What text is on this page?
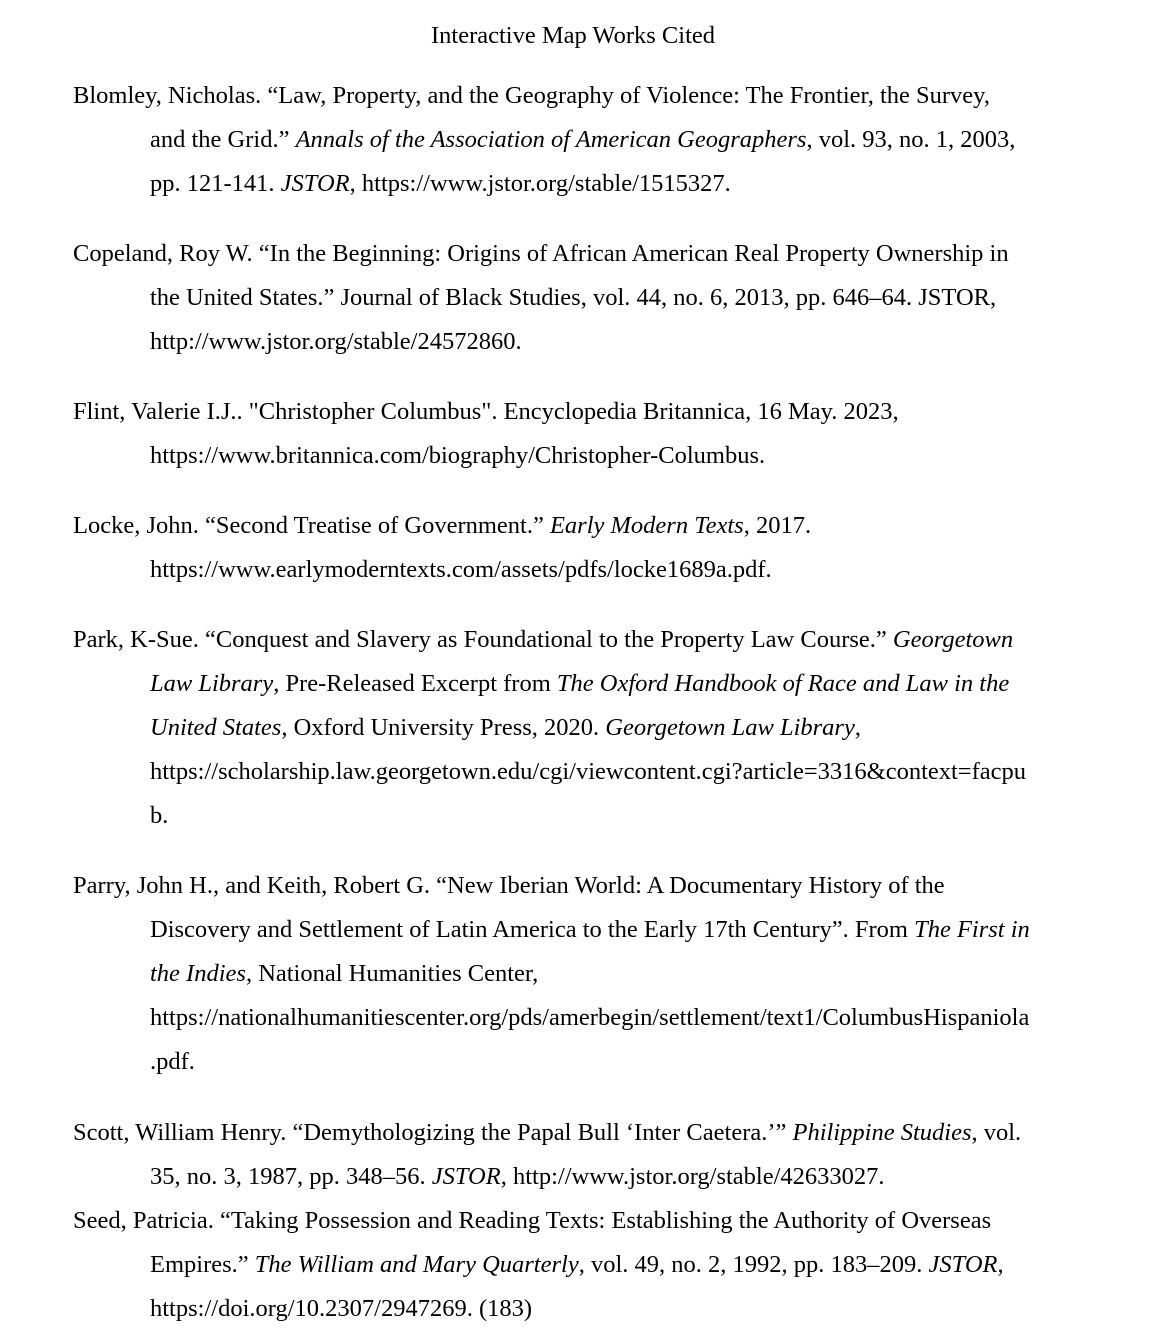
Interactive Map Works Cited
Blomley, Nicholas. “Law, Property, and the Geography of Violence: The Frontier, the Survey,
and the Grid.” Annals of the Association of American Geographers, vol. 93, no. 1, 2003,
pp. 121-141. JSTOR, https://www.jstor.org/stable/1515327.
Copeland, Roy W. “In the Beginning: Origins of African American Real Property Ownership in
the United States.” Journal of Black Studies, vol. 44, no. 6, 2013, pp. 646–64. JSTOR,
http://www.jstor.org/stable/24572860.
Flint, Valerie I.J.. "Christopher Columbus". Encyclopedia Britannica, 16 May. 2023,
https://www.britannica.com/biography/Christopher-Columbus.
Locke, John. “Second Treatise of Government.” Early Modern Texts, 2017.
https://www.earlymoderntexts.com/assets/pdfs/locke1689a.pdf.
Park, K-Sue. “Conquest and Slavery as Foundational to the Property Law Course.” Georgetown
Law Library, Pre-Released Excerpt from The Oxford Handbook of Race and Law in the
United States, Oxford University Press, 2020. Georgetown Law Library,
https://scholarship.law.georgetown.edu/cgi/viewcontent.cgi?article=3316&context=facpu
b.
Parry, John H., and Keith, Robert G. “New Iberian World: A Documentary History of the
Discovery and Settlement of Latin America to the Early 17th Century”. From The First in
the Indies, National Humanities Center,
https://nationalhumanitiescenter.org/pds/amerbegin/settlement/text1/ColumbusHispaniola
.pdf.
Scott, William Henry. “Demythologizing the Papal Bull ‘Inter Caetera.’” Philippine Studies, vol.
35, no. 3, 1987, pp. 348–56. JSTOR, http://www.jstor.org/stable/42633027.
Seed, Patricia. “Taking Possession and Reading Texts: Establishing the Authority of Overseas
Empires.” The William and Mary Quarterly, vol. 49, no. 2, 1992, pp. 183–209. JSTOR,
https://doi.org/10.2307/2947269. (183)
